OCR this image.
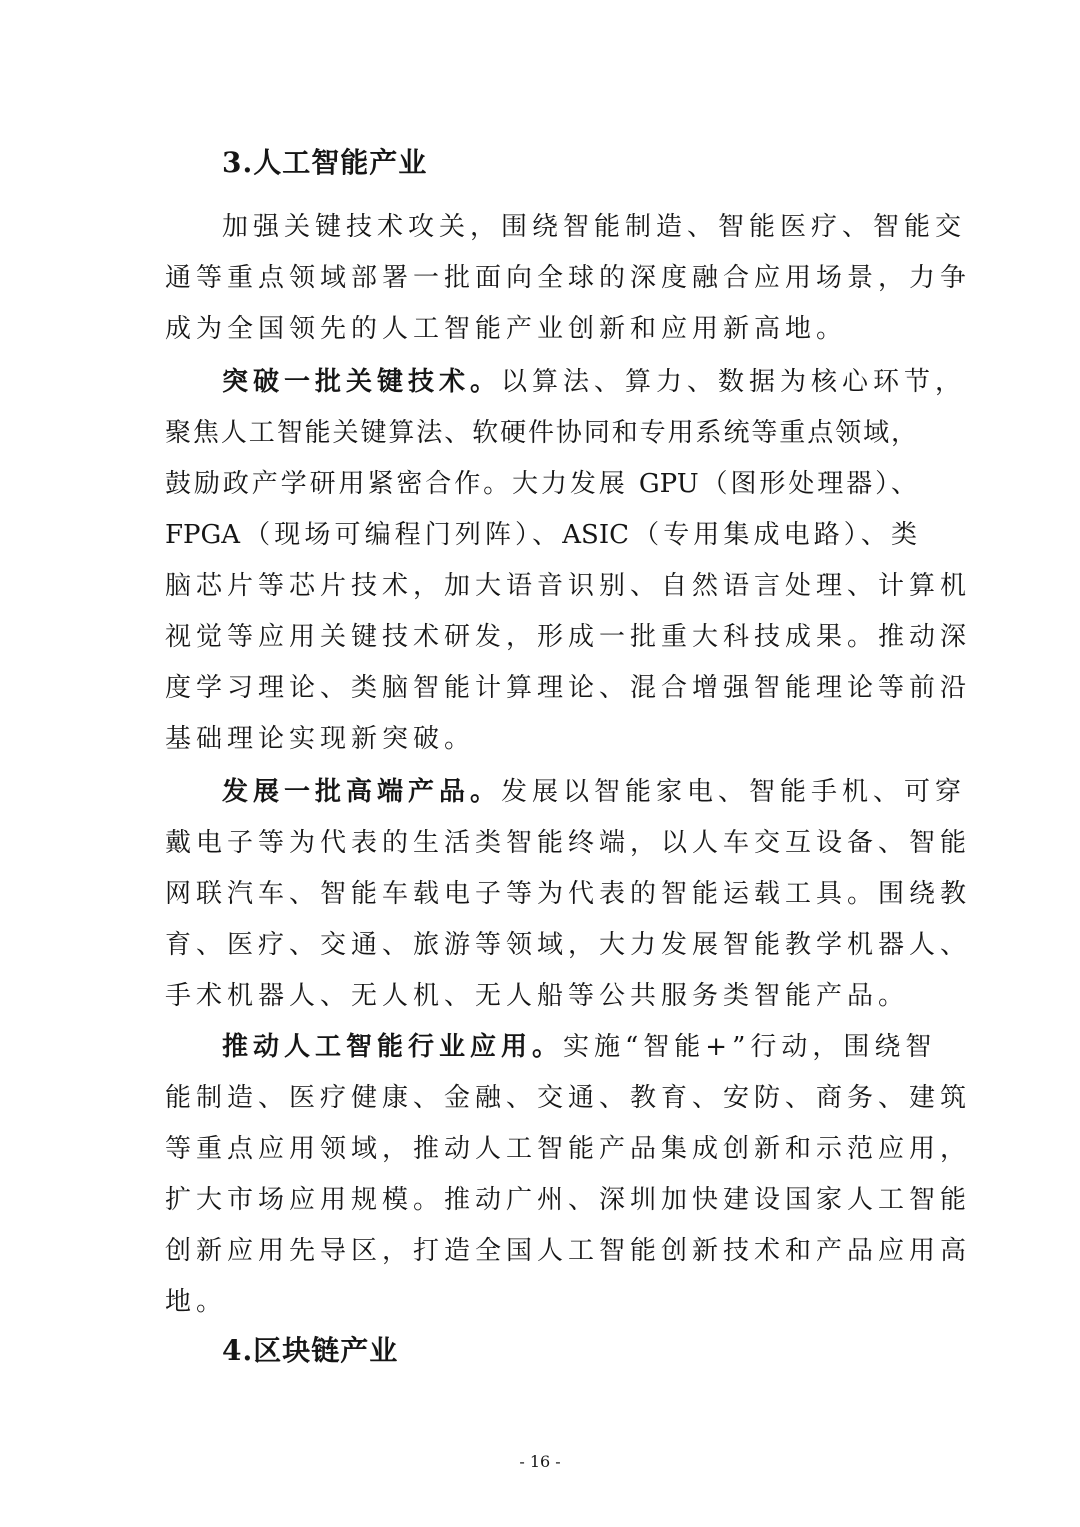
3.人工智能产业
加强关键技术攻关，围绕智能制造、智能医疗、智能交
通等重点领域部署一批面向全球的深度融合应用场景，力争
成为全国领先的人工智能产业创新和应用新高地。
突破一批关键技术。以算法、算力、数据为核心环节，
聚焦人工智能关键算法、软硬件协同和专用系统等重点领域，
鼓励政产学研用紧密合作。大力发展 GPU（图形处理器）、
FPGA（现场可编程门列阵）、ASIC（专用集成电路）、类
脑芯片等芯片技术，加大语音识别、自然语言处理、计算机
视觉等应用关键技术研发，形成一批重大科技成果。推动深
度学习理论、类脑智能计算理论、混合增强智能理论等前沿
基础理论实现新突破。
发展一批高端产品。发展以智能家电、智能手机、可穿
戴电子等为代表的生活类智能终端，以人车交互设备、智能
网联汽车、智能车载电子等为代表的智能运载工具。围绕教
育、医疗、交通、旅游等领域，大力发展智能教学机器人、
手术机器人、无人机、无人船等公共服务类智能产品。
推动人工智能行业应用。实施“智能+”行动，围绕智
能制造、医疗健康、金融、交通、教育、安防、商务、建筑
等重点应用领域，推动人工智能产品集成创新和示范应用，
扩大市场应用规模。推动广州、深圳加快建设国家人工智能
创新应用先导区，打造全国人工智能创新技术和产品应用高
地。
4.区块链产业
- 16 -
